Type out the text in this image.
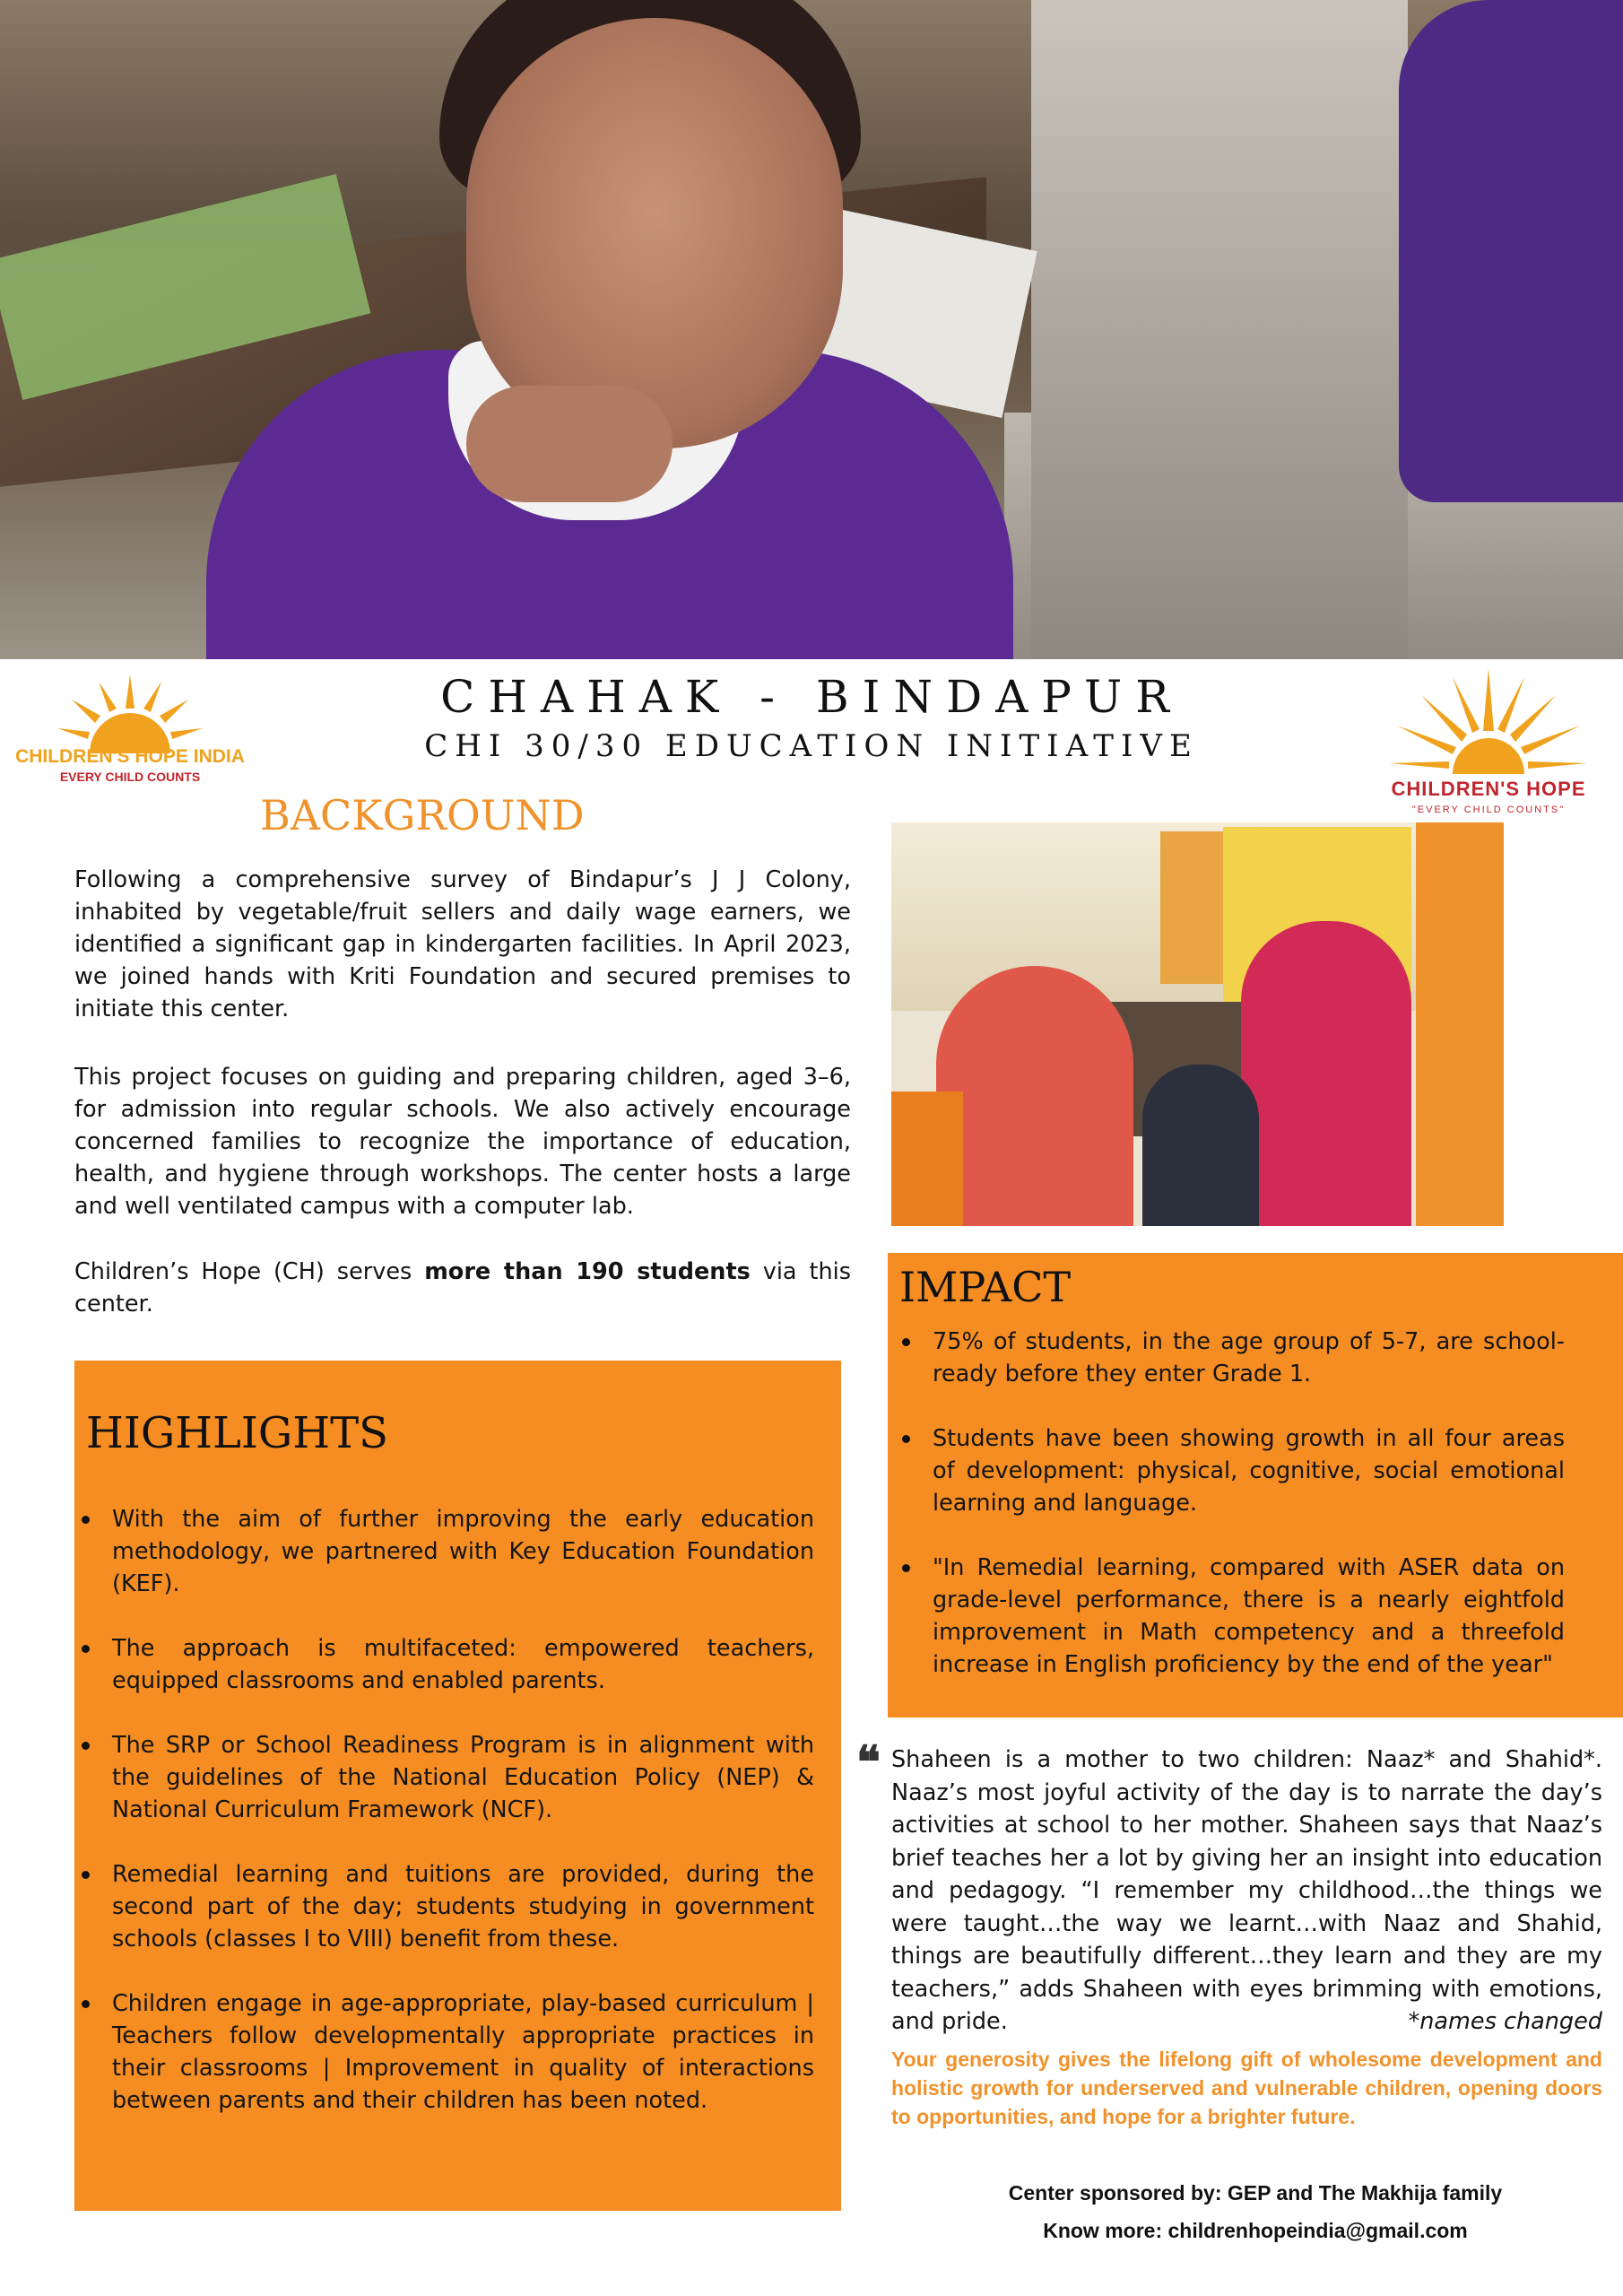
CHAHAK - BINDAPUR
CHI 30/30 EDUCATION INITIATIVE
CHILDREN'S HOPE INDIA
EVERY CHILD COUNTS
CHILDREN'S HOPE
"EVERY CHILD COUNTS"
BACKGROUND
Following a comprehensive survey of Bindapur’s J J Colony, inhabited by vegetable/fruit sellers and daily wage earners, we identified a significant gap in kindergarten facilities. In April 2023, we joined hands with Kriti Foundation and secured premises to initiate this center.
This project focuses on guiding and preparing children, aged 3–6, for admission into regular schools. We also actively encourage concerned families to recognize the importance of education, health, and hygiene through workshops. The center hosts a large and well ventilated campus with a computer lab.
Children’s Hope (CH) serves more than 190 students via this center.	IMPACT
75% of students, in the age group of 5-7, are school-ready before they enter Grade 1.
Students have been showing growth in all four areas of development: physical, cognitive, social emotional learning and language.
"In Remedial learning, compared with ASER data on grade-level performance, there is a nearly eightfold improvement in Math competency and a threefold increase in English proficiency by the end of the year"
HIGHLIGHTS
With the aim of further improving the early education methodology, we partnered with Key Education Foundation (KEF).
The approach is multifaceted: empowered teachers, equipped classrooms and enabled parents.
The SRP or School Readiness Program is in alignment with the guidelines of the National Education Policy (NEP) & National Curriculum Framework (NCF).
Remedial learning and tuitions are provided, during the second part of the day; students studying in government schools (classes I to VIII) benefit from these.
Children engage in age-appropriate, play-based curriculum | Teachers follow developmentally appropriate practices in their classrooms | Improvement in quality of interactions between parents and their children has been noted.
❝ Shaheen is a mother to two children: Naaz* and Shahid*. Naaz’s most joyful activity of the day is to narrate the day’s activities at school to her mother. Shaheen says that Naaz’s brief teaches her a lot by giving her an insight into education and pedagogy. “I remember my childhood…the things we were taught…the way we learnt…with Naaz and Shahid, things are beautifully different…they learn and they are my teachers,” adds Shaheen with eyes brimming with emotions, and pride.	*names changed
Your generosity gives the lifelong gift of wholesome development and holistic growth for underserved and vulnerable children, opening doors to opportunities, and hope for a brighter future.
Center sponsored by: GEP and The Makhija family
Know more: childrenhopeindia@gmail.com
